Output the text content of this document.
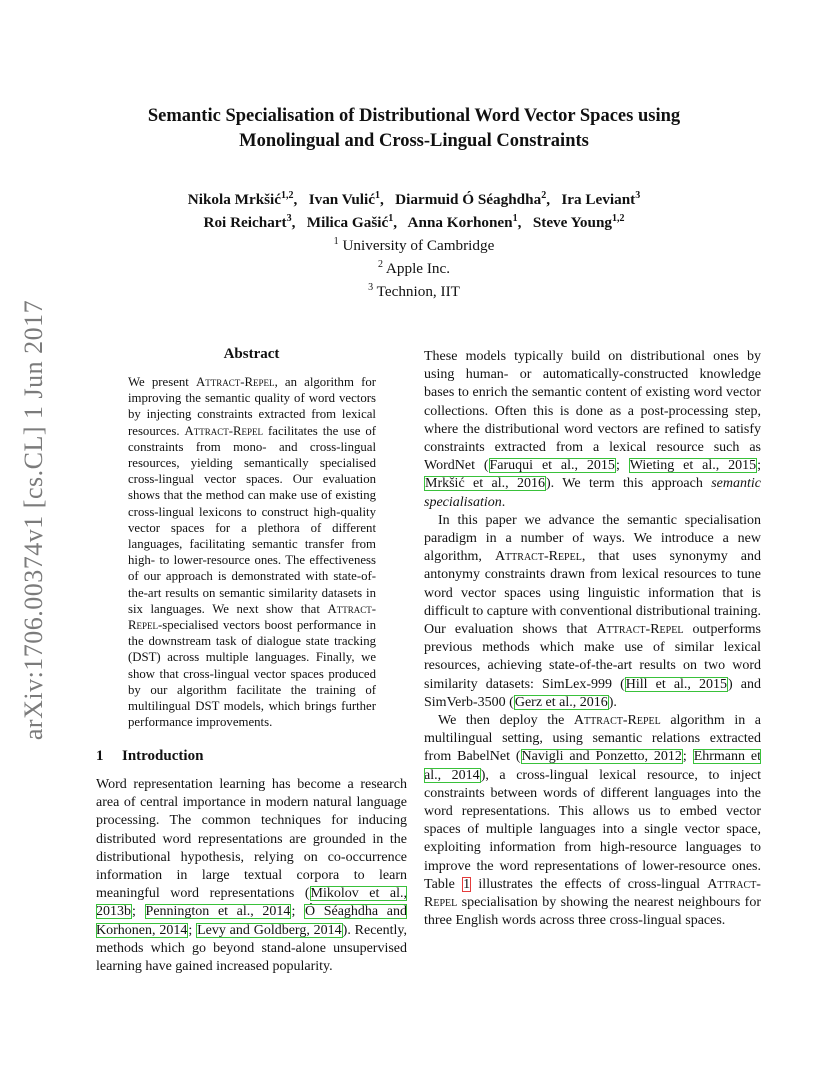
arXiv:1706.00374v1 [cs.CL] 1 Jun 2017
Semantic Specialisation of Distributional Word Vector Spaces using
Monolingual and Cross-Lingual Constraints
Nikola Mrkšić$^{1,2}$,   Ivan Vulić$^1$,   Diarmuid Ó Séaghdha$^2$,   Ira Leviant$^3$
Roi Reichart$^3$,   Milica Gašić$^1$,   Anna Korhonen$^1$,   Steve Young$^{1,2}$
$^1$ University of Cambridge
$^2$ Apple Inc.
$^3$ Technion, IIT
Abstract
We present Attract-Repel, an algorithm for improving the semantic quality of word vectors by injecting constraints extracted from lexical resources. Attract-Repel facilitates the use of constraints from mono- and cross-lingual resources, yielding semantically specialised cross-lingual vector spaces. Our evaluation shows that the method can make use of existing cross-lingual lexicons to construct high-quality vector spaces for a plethora of different languages, facilitating semantic transfer from high- to lower-resource ones. The effectiveness of our approach is demonstrated with state-of-the-art results on semantic similarity datasets in six languages. We next show that Attract-Repel-specialised vectors boost performance in the downstream task of dialogue state tracking (DST) across multiple languages. Finally, we show that cross-lingual vector spaces produced by our algorithm facilitate the training of multilingual DST models, which brings further performance improvements.
1 Introduction

Word representation learning has become a research area of central importance in modern natural language processing. The common techniques for inducing distributed word representations are grounded in the distributional hypothesis, relying on co-occurrence information in large textual corpora to learn meaningful word representations (Mikolov et al., 2013b; Pennington et al., 2014; Ó Séaghdha and Korhonen, 2014; Levy and Goldberg, 2014). Recently, methods which go beyond stand-alone unsupervised learning have gained increased popularity.

These models typically build on distributional ones by using human- or automatically-constructed knowledge bases to enrich the semantic content of existing word vector collections. Often this is done as a post-processing step, where the distributional word vectors are refined to satisfy constraints extracted from a lexical resource such as WordNet (Faruqui et al., 2015; Wieting et al., 2015; Mrkšić et al., 2016). We term this approach semantic specialisation.

In this paper we advance the semantic specialisation paradigm in a number of ways. We introduce a new algorithm, Attract-Repel, that uses synonymy and antonymy constraints drawn from lexical resources to tune word vector spaces using linguistic information that is difficult to capture with conventional distributional training. Our evaluation shows that Attract-Repel outperforms previous methods which make use of similar lexical resources, achieving state-of-the-art results on two word similarity datasets: SimLex-999 (Hill et al., 2015) and SimVerb-3500 (Gerz et al., 2016).

We then deploy the Attract-Repel algorithm in a multilingual setting, using semantic relations extracted from BabelNet (Navigli and Ponzetto, 2012; Ehrmann et al., 2014), a cross-lingual lexical resource, to inject constraints between words of different languages into the word representations. This allows us to embed vector spaces of multiple languages into a single vector space, exploiting information from high-resource languages to improve the word representations of lower-resource ones. Table 1 illustrates the effects of cross-lingual Attract-Repel specialisation by showing the nearest neighbours for three English words across three cross-lingual spaces.
